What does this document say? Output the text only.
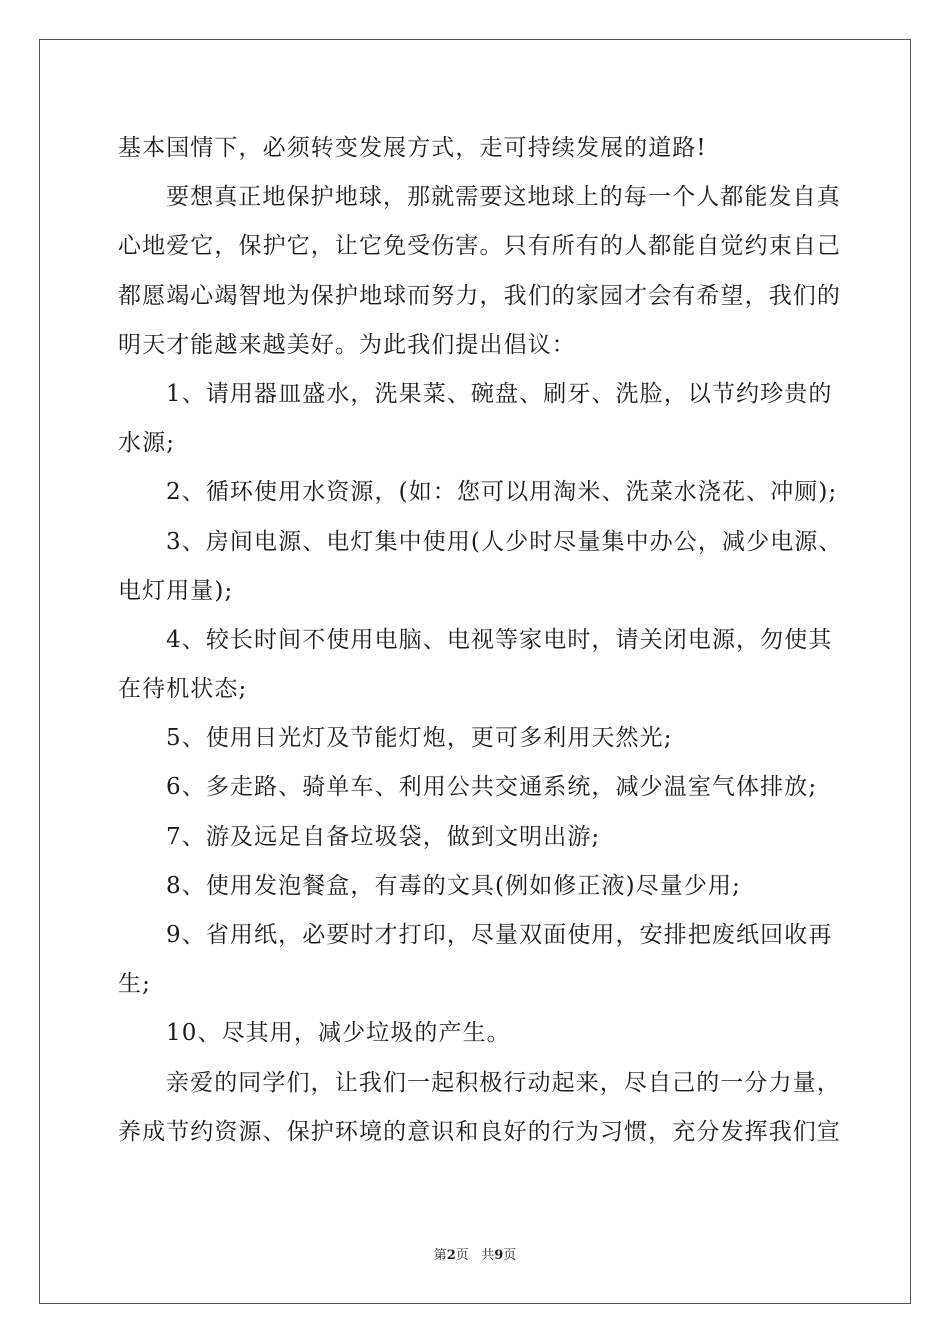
基本国情下，必须转变发展方式，走可持续发展的道路!
要想真正地保护地球，那就需要这地球上的每一个人都能发自真
心地爱它，保护它，让它免受伤害。只有所有的人都能自觉约束自己
都愿竭心竭智地为保护地球而努力，我们的家园才会有希望，我们的
明天才能越来越美好。为此我们提出倡议：
1、请用器皿盛水，洗果菜、碗盘、刷牙、洗脸，以节约珍贵的
水源;
2、循环使用水资源，(如：您可以用淘米、洗菜水浇花、冲厕);
3、房间电源、电灯集中使用(人少时尽量集中办公，减少电源、
电灯用量);
4、较长时间不使用电脑、电视等家电时，请关闭电源，勿使其
在待机状态;
5、使用日光灯及节能灯炮，更可多利用天然光;
6、多走路、骑单车、利用公共交通系统，减少温室气体排放;
7、游及远足自备垃圾袋，做到文明出游;
8、使用发泡餐盒，有毒的文具(例如修正液)尽量少用;
9、省用纸，必要时才打印，尽量双面使用，安排把废纸回收再
生;
10、尽其用，减少垃圾的产生。
亲爱的同学们，让我们一起积极行动起来，尽自己的一分力量，
养成节约资源、保护环境的意识和良好的行为习惯，充分发挥我们宣
第2页 共9页
